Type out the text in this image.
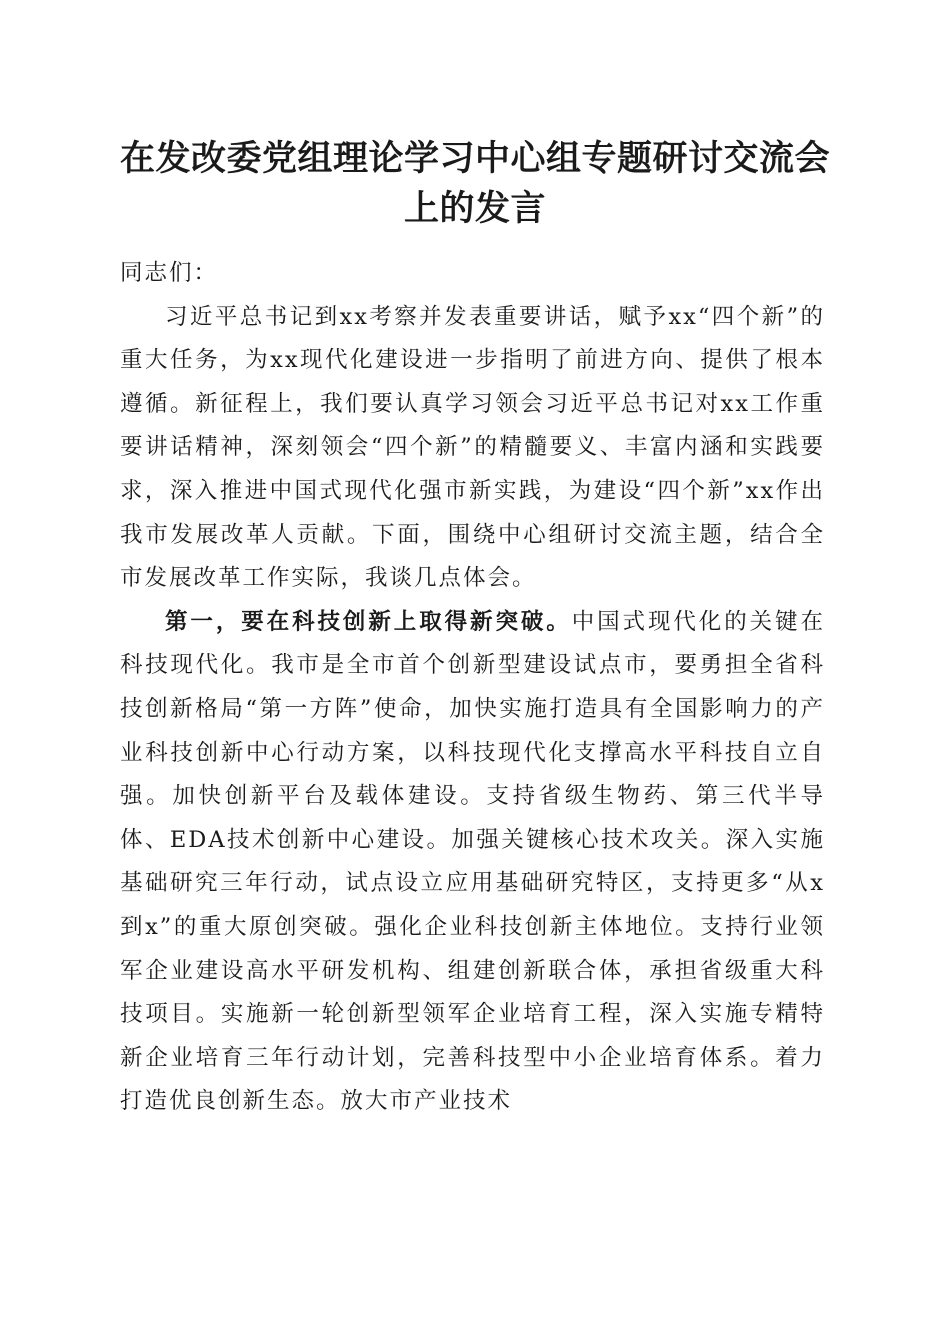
在发改委党组理论学习中心组专题研讨交流会
上的发言

同志们：

习近平总书记到xx考察并发表重要讲话，赋予xx“四个新”的重大任务，为xx现代化建设进一步指明了前进方向、提供了根本遵循。新征程上，我们要认真学习领会习近平总书记对xx工作重要讲话精神，深刻领会“四个新”的精髓要义、丰富内涵和实践要求，深入推进中国式现代化强市新实践，为建设“四个新”xx作出我市发展改革人贡献。下面，围绕中心组研讨交流主题，结合全市发展改革工作实际，我谈几点体会。

第一，要在科技创新上取得新突破。中国式现代化的关键在科技现代化。我市是全市首个创新型建设试点市，要勇担全省科技创新格局“第一方阵”使命，加快实施打造具有全国影响力的产业科技创新中心行动方案，以科技现代化支撑高水平科技自立自强。加快创新平台及载体建设。支持省级生物药、第三代半导体、EDA技术创新中心建设。加强关键核心技术攻关。深入实施基础研究三年行动，试点设立应用基础研究特区，支持更多“从x到x”的重大原创突破。强化企业科技创新主体地位。支持行业领军企业建设高水平研发机构、组建创新联合体，承担省级重大科技项目。实施新一轮创新型领军企业培育工程，深入实施专精特新企业培育三年行动计划，完善科技型中小企业培育体系。着力打造优良创新生态。放大市产业技术
